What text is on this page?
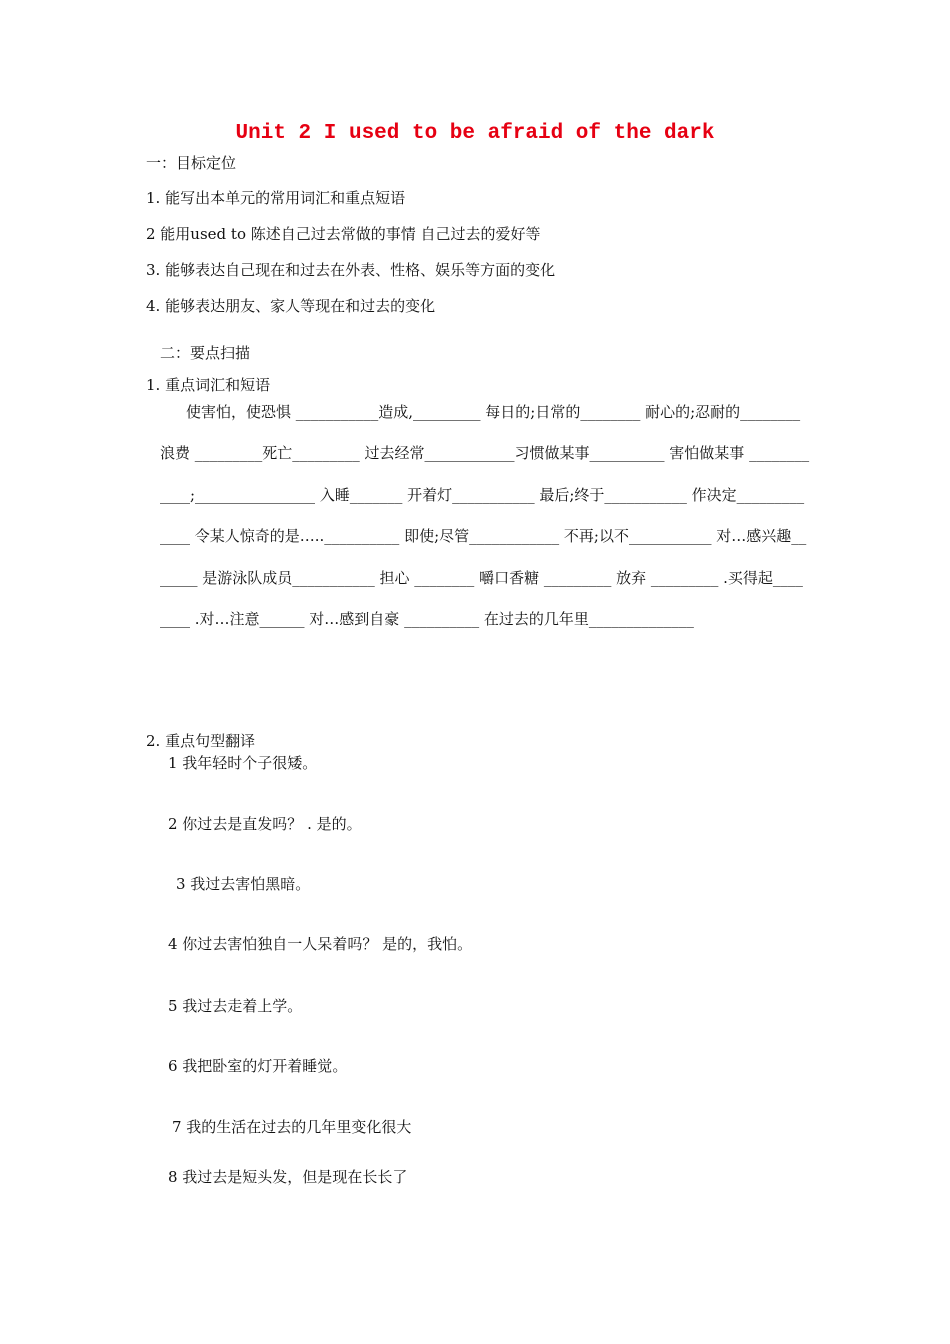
Unit 2 I used to be afraid of the dark
一：目标定位
1. 能写出本单元的常用词汇和重点短语
2 能用used to 陈述自己过去常做的事情 自己过去的爱好等
3. 能够表达自己现在和过去在外表、性格、娱乐等方面的变化
4. 能够表达朋友、家人等现在和过去的变化
二：要点扫描
1. 重点词汇和短语
使害怕，使恐惧 ___________造成,_________ 每日的;日常的________ 耐心的;忍耐的________ 浪费 _________死亡_________ 过去经常____________习惯做某事__________ 害怕做某事 ____________;________________ 入睡_______ 开着灯___________ 最后;终于___________ 作决定_____________ 令某人惊奇的是…..__________ 即使;尽管____________ 不再;以不___________ 对…感兴趣_______ 是游泳队成员___________ 担心 ________ 嚼口香糖 _________ 放弃 _________ .买得起________ .对…注意______ 对…感到自豪 __________ 在过去的几年里______________
2. 重点句型翻译
1 我年轻时个子很矮。
2 你过去是直发吗？ . 是的。
3 我过去害怕黑暗。
4 你过去害怕独自一人呆着吗？ 是的，我怕。
5 我过去走着上学。
6 我把卧室的灯开着睡觉。
7 我的生活在过去的几年里变化很大
8 我过去是短头发，但是现在长长了
